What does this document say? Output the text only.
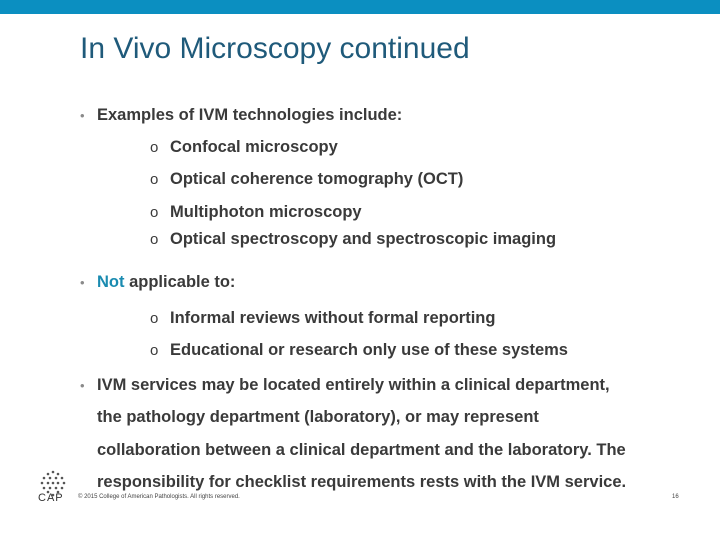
In Vivo Microscopy continued
• Examples of IVM technologies include:
o Confocal microscopy
o Optical coherence tomography (OCT)
o Multiphoton microscopy
o Optical spectroscopy and spectroscopic imaging
• Not applicable to:
o Informal reviews without formal reporting
o Educational or research only use of these systems
• IVM services may be located entirely within a clinical department,
the pathology department (laboratory), or may represent
collaboration between a clinical department and the laboratory. The
responsibility for checklist requirements rests with the IVM service.
CAP © 2015 College of American Pathologists. All rights reserved.	16
